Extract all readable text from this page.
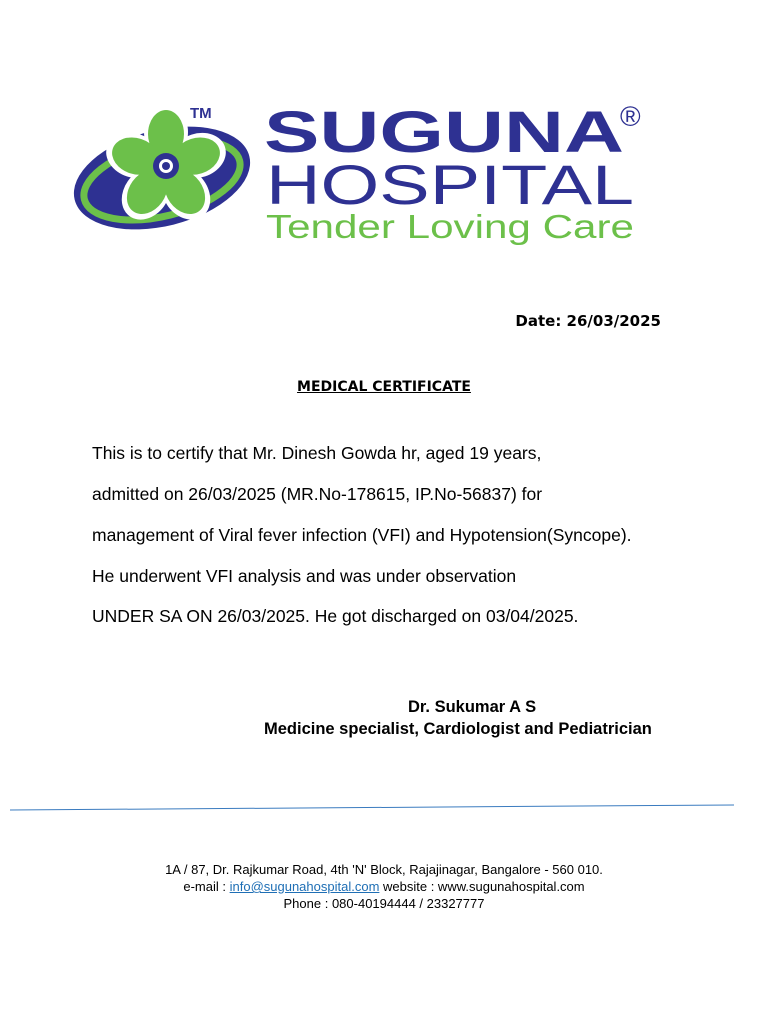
TM SUGUNA
®
HOSPITAL
Tender Loving Care
Date: 26/03/2025
MEDICAL CERTIFICATE
This is to certify that Mr. Dinesh Gowda hr, aged 19 years,
admitted on 26/03/2025 (MR.No-178615, IP.No-56837) for
management of Viral fever infection (VFI) and Hypotension(Syncope).
He underwent VFI analysis and was under observation
UNDER SA ON 26/03/2025. He got discharged on 03/04/2025.
Dr. Sukumar A S
Medicine specialist, Cardiologist and Pediatrician
1A / 87, Dr. Rajkumar Road, 4th 'N' Block, Rajajinagar, Bangalore - 560 010.
e-mail : info@sugunahospital.com website : www.sugunahospital.com
Phone : 080-40194444 / 23327777
